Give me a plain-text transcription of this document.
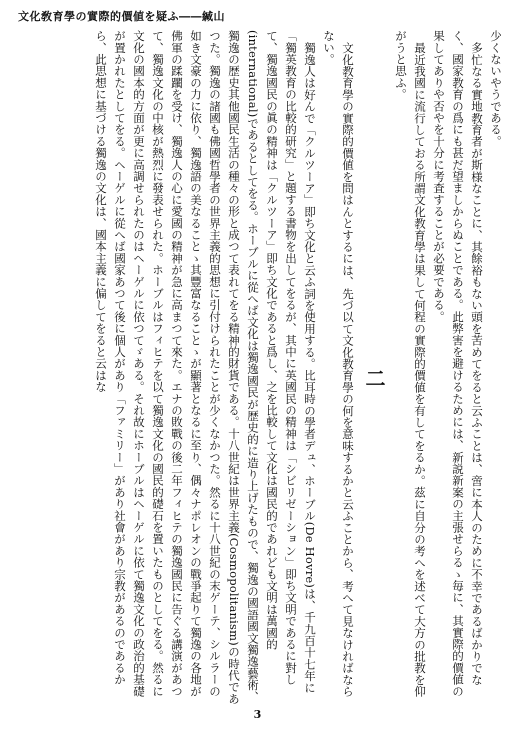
文化敎育學の實際的價値を疑ふ――緘山

少くないやうである。

多忙なる實地教育者が斯様なことに、其餘裕もない頭を苦めてをると云ふことは、啻に本人のために不幸であるばかりでなく、國家教育の爲にも甚だ望ましからぬことである。此弊害を避けるためには、新説新案の主張せらるゝ毎に、其實際的價値の果してありや否やを十分に考査することが必要である。

最近我國に流行しておる所謂文化教育學は果して何程の實際的價値を有してをるか。茲に自分の考へを述べて大方の批教を仰がうと思ふ。

二

文化教育學の實際的價値を問はんとするには、先づ以て文化教育學の何を意味するかと云ふことから、考へて見なければならない。

獨逸人は好んで「クルツーア」即ち文化と云ふ詞を使用する。比耳時の學者デュ、ホーブル(De Hovre)は、千九百十七年に「獨英教育の比較的研究」と題する書物を出してをるが、其中に英國民の精神は「シビリゼーション」即ち文明であるに對して、獨逸國民の眞の精神は「クルツーア」即ち文化であると爲し、之を比較して文化は國民的であれども文明は萬國的(international)であるとしてをる。ホーブルに從へば文化は獨逸國民が歴史的に造り上げたもので、獨逸の國語國文獨逸藝術、獨逸の歴史其他國民生活の種々の形と成つて表れてをる精神的財貨である。十八世紀は世界主義(Cosmopolitanism)の時代であつた。獨逸の諸國も佛國哲學者の世界主義的思想に引付けられたことが少くなかつた。然るに十八世紀の末ゲーテ、シルラーの如き文豪の力に依り、獨逸語の美なることゝ其豐富なることゝが顯著となるに至り、偶々ナポレオンの戰爭起りて獨逸の各地が佛軍の蹂躙を受け、獨逸人の心に愛國の精神が急に高まつて來た。エナの敗戰の後二年フィヒテの獨逸國民に告ぐる講演があつて、獨逸文化の中核が熱烈に發表せられた。ホーブルはフィヒテを以て獨逸文化の國民的礎石を置いたものとしてをる。然るに文化の國本的方面が更に高調せられたのはヘーゲルに依つてゞある。それ故にホーブルはヘーゲルに依て獨逸文化の政治的基礎が置かれたとしてをる。ヘーゲルに從へば國家あつて後に個人があり「ファミリー」があり社會があり宗教があるのであるから、此思想に基づける獨逸の文化は、國本主義に偏してをると云はな

3
